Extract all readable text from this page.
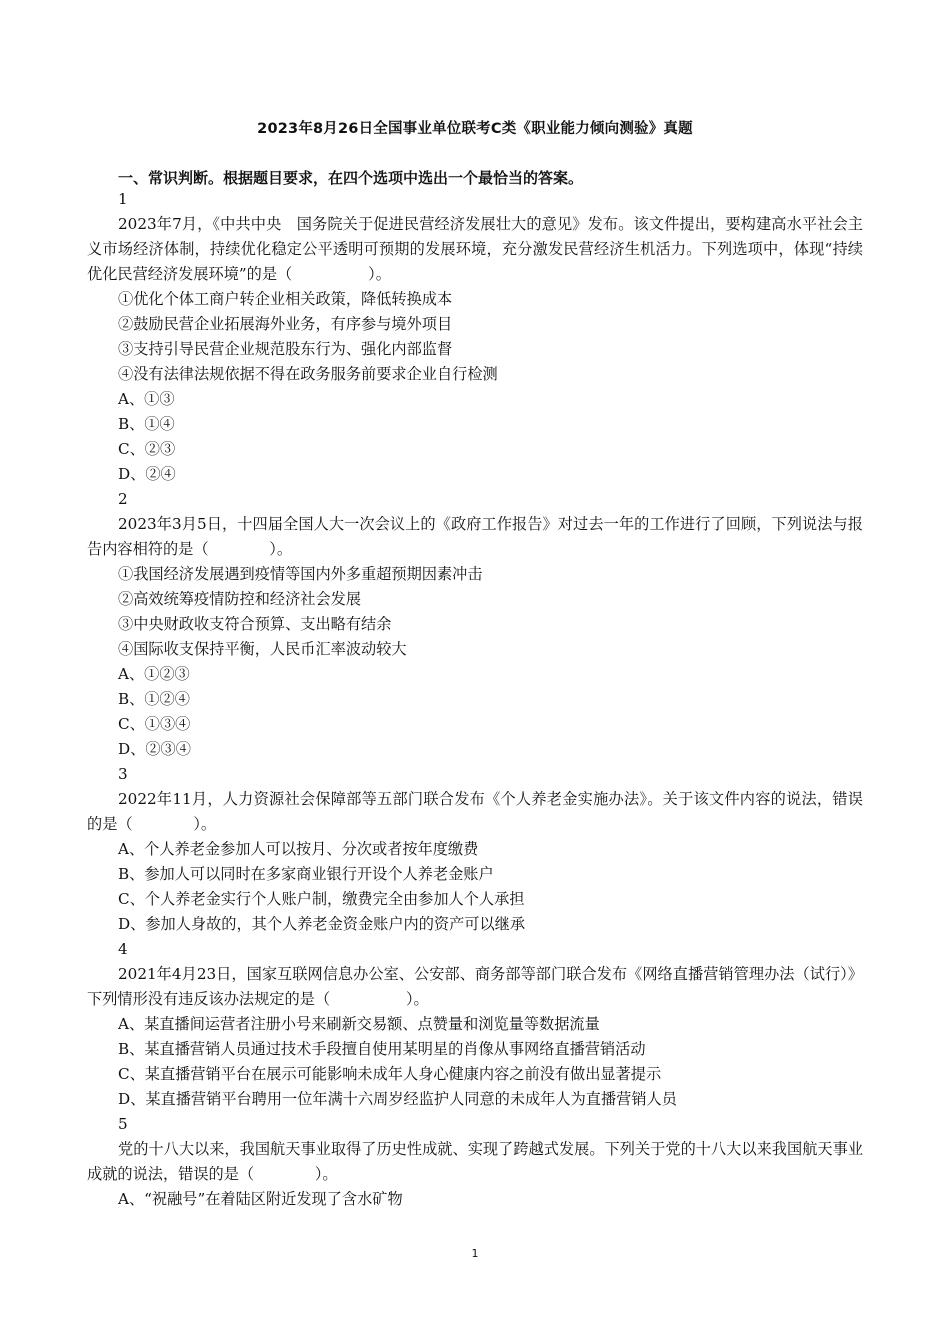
2023年8月26日全国事业单位联考C类《职业能力倾向测验》真题
一、常识判断。根据题目要求，在四个选项中选出一个最恰当的答案。
1
2023年7月，《中共中央　国务院关于促进民营经济发展壮大的意见》发布。该文件提出，要构建高水平社会主义市场经济体制，持续优化稳定公平透明可预期的发展环境，充分激发民营经济生机活力。下列选项中，体现“持续优化民营经济发展环境”的是（　　　　　）。
①优化个体工商户转企业相关政策，降低转换成本
②鼓励民营企业拓展海外业务，有序参与境外项目
③支持引导民营企业规范股东行为、强化内部监督
④没有法律法规依据不得在政务服务前要求企业自行检测
A、①③
B、①④
C、②③
D、②④
2
2023年3月5日，十四届全国人大一次会议上的《政府工作报告》对过去一年的工作进行了回顾，下列说法与报告内容相符的是（　　　　）。
①我国经济发展遇到疫情等国内外多重超预期因素冲击
②高效统筹疫情防控和经济社会发展
③中央财政收支符合预算、支出略有结余
④国际收支保持平衡，人民币汇率波动较大
A、①②③
B、①②④
C、①③④
D、②③④
3
2022年11月，人力资源社会保障部等五部门联合发布《个人养老金实施办法》。关于该文件内容的说法，错误的是（　　　　）。
A、个人养老金参加人可以按月、分次或者按年度缴费
B、参加人可以同时在多家商业银行开设个人养老金账户
C、个人养老金实行个人账户制，缴费完全由参加人个人承担
D、参加人身故的，其个人养老金资金账户内的资产可以继承
4
2021年4月23日，国家互联网信息办公室、公安部、商务部等部门联合发布《网络直播营销管理办法（试行）》下列情形没有违反该办法规定的是（　　　　　）。
A、某直播间运营者注册小号来刷新交易额、点赞量和浏览量等数据流量
B、某直播营销人员通过技术手段擅自使用某明星的肖像从事网络直播营销活动
C、某直播营销平台在展示可能影响未成年人身心健康内容之前没有做出显著提示
D、某直播营销平台聘用一位年满十六周岁经监护人同意的未成年人为直播营销人员
5
党的十八大以来，我国航天事业取得了历史性成就、实现了跨越式发展。下列关于党的十八大以来我国航天事业成就的说法，错误的是（　　　　）。
A、“祝融号”在着陆区附近发现了含水矿物
1
